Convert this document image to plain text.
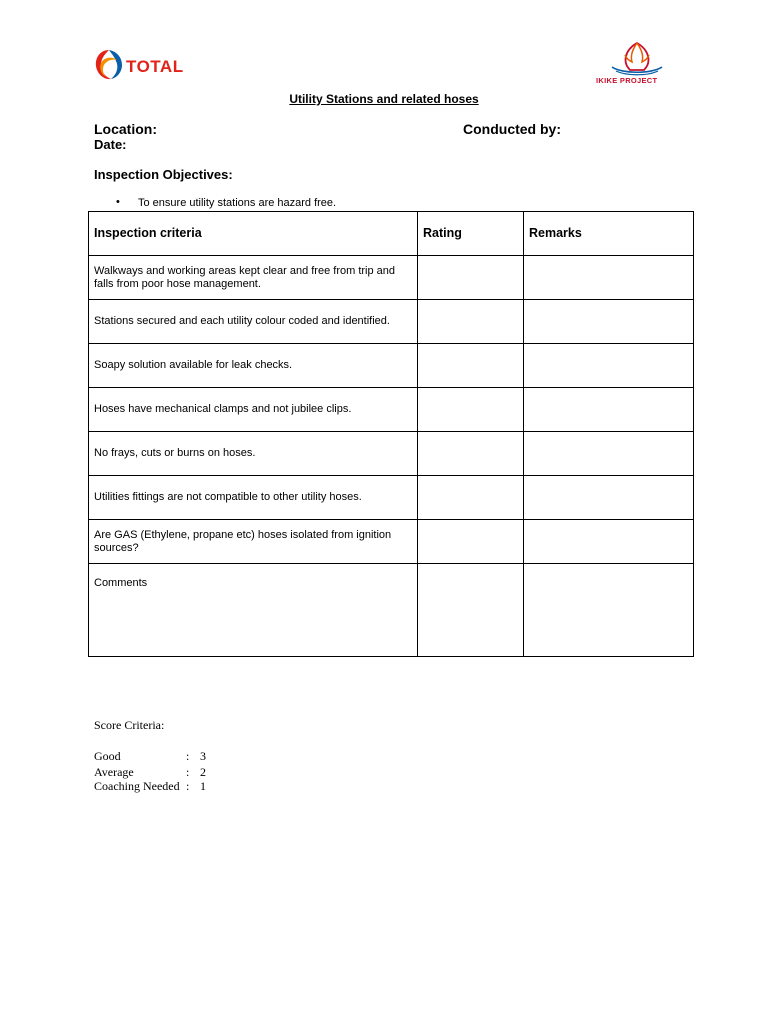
TOTAL
IKIKE PROJECT
Utility Stations and related hoses
Location:	Conducted by:
Date:
Inspection Objectives:
• To ensure utility stations are hazard free.
Inspection criteria	Rating	Remarks
Walkways and working areas kept clear and free from trip and falls from poor hose management.		
Stations secured and each utility colour coded and identified.		
Soapy solution available for leak checks.		
Hoses have mechanical clamps and not jubilee clips.		
No frays, cuts or burns on hoses.		
Utilities fittings are not compatible to other utility hoses.		
Are GAS (Ethylene, propane etc) hoses isolated from ignition sources?		
Comments		
Score Criteria:
Good	: 3
Average	: 2
Coaching Needed : 1
